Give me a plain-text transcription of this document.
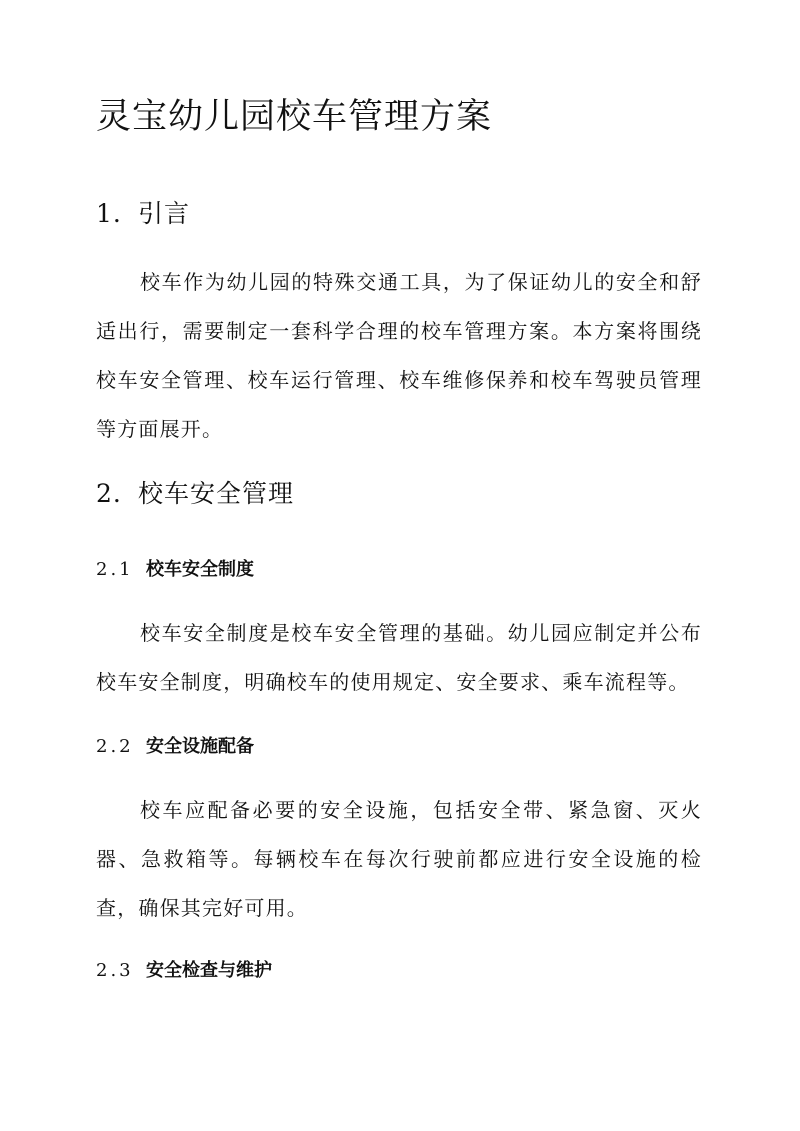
灵宝幼儿园校车管理方案
1. 引言

校车作为幼儿园的特殊交通工具，为了保证幼儿的安全和舒适出行，需要制定一套科学合理的校车管理方案。本方案将围绕校车安全管理、校车运行管理、校车维修保养和校车驾驶员管理等方面展开。

2. 校车安全管理
2.1 校车安全制度

校车安全制度是校车安全管理的基础。幼儿园应制定并公布校车安全制度，明确校车的使用规定、安全要求、乘车流程等。

2.2 安全设施配备

校车应配备必要的安全设施，包括安全带、紧急窗、灭火器、急救箱等。每辆校车在每次行驶前都应进行安全设施的检查，确保其完好可用。

2.3 安全检查与维护
